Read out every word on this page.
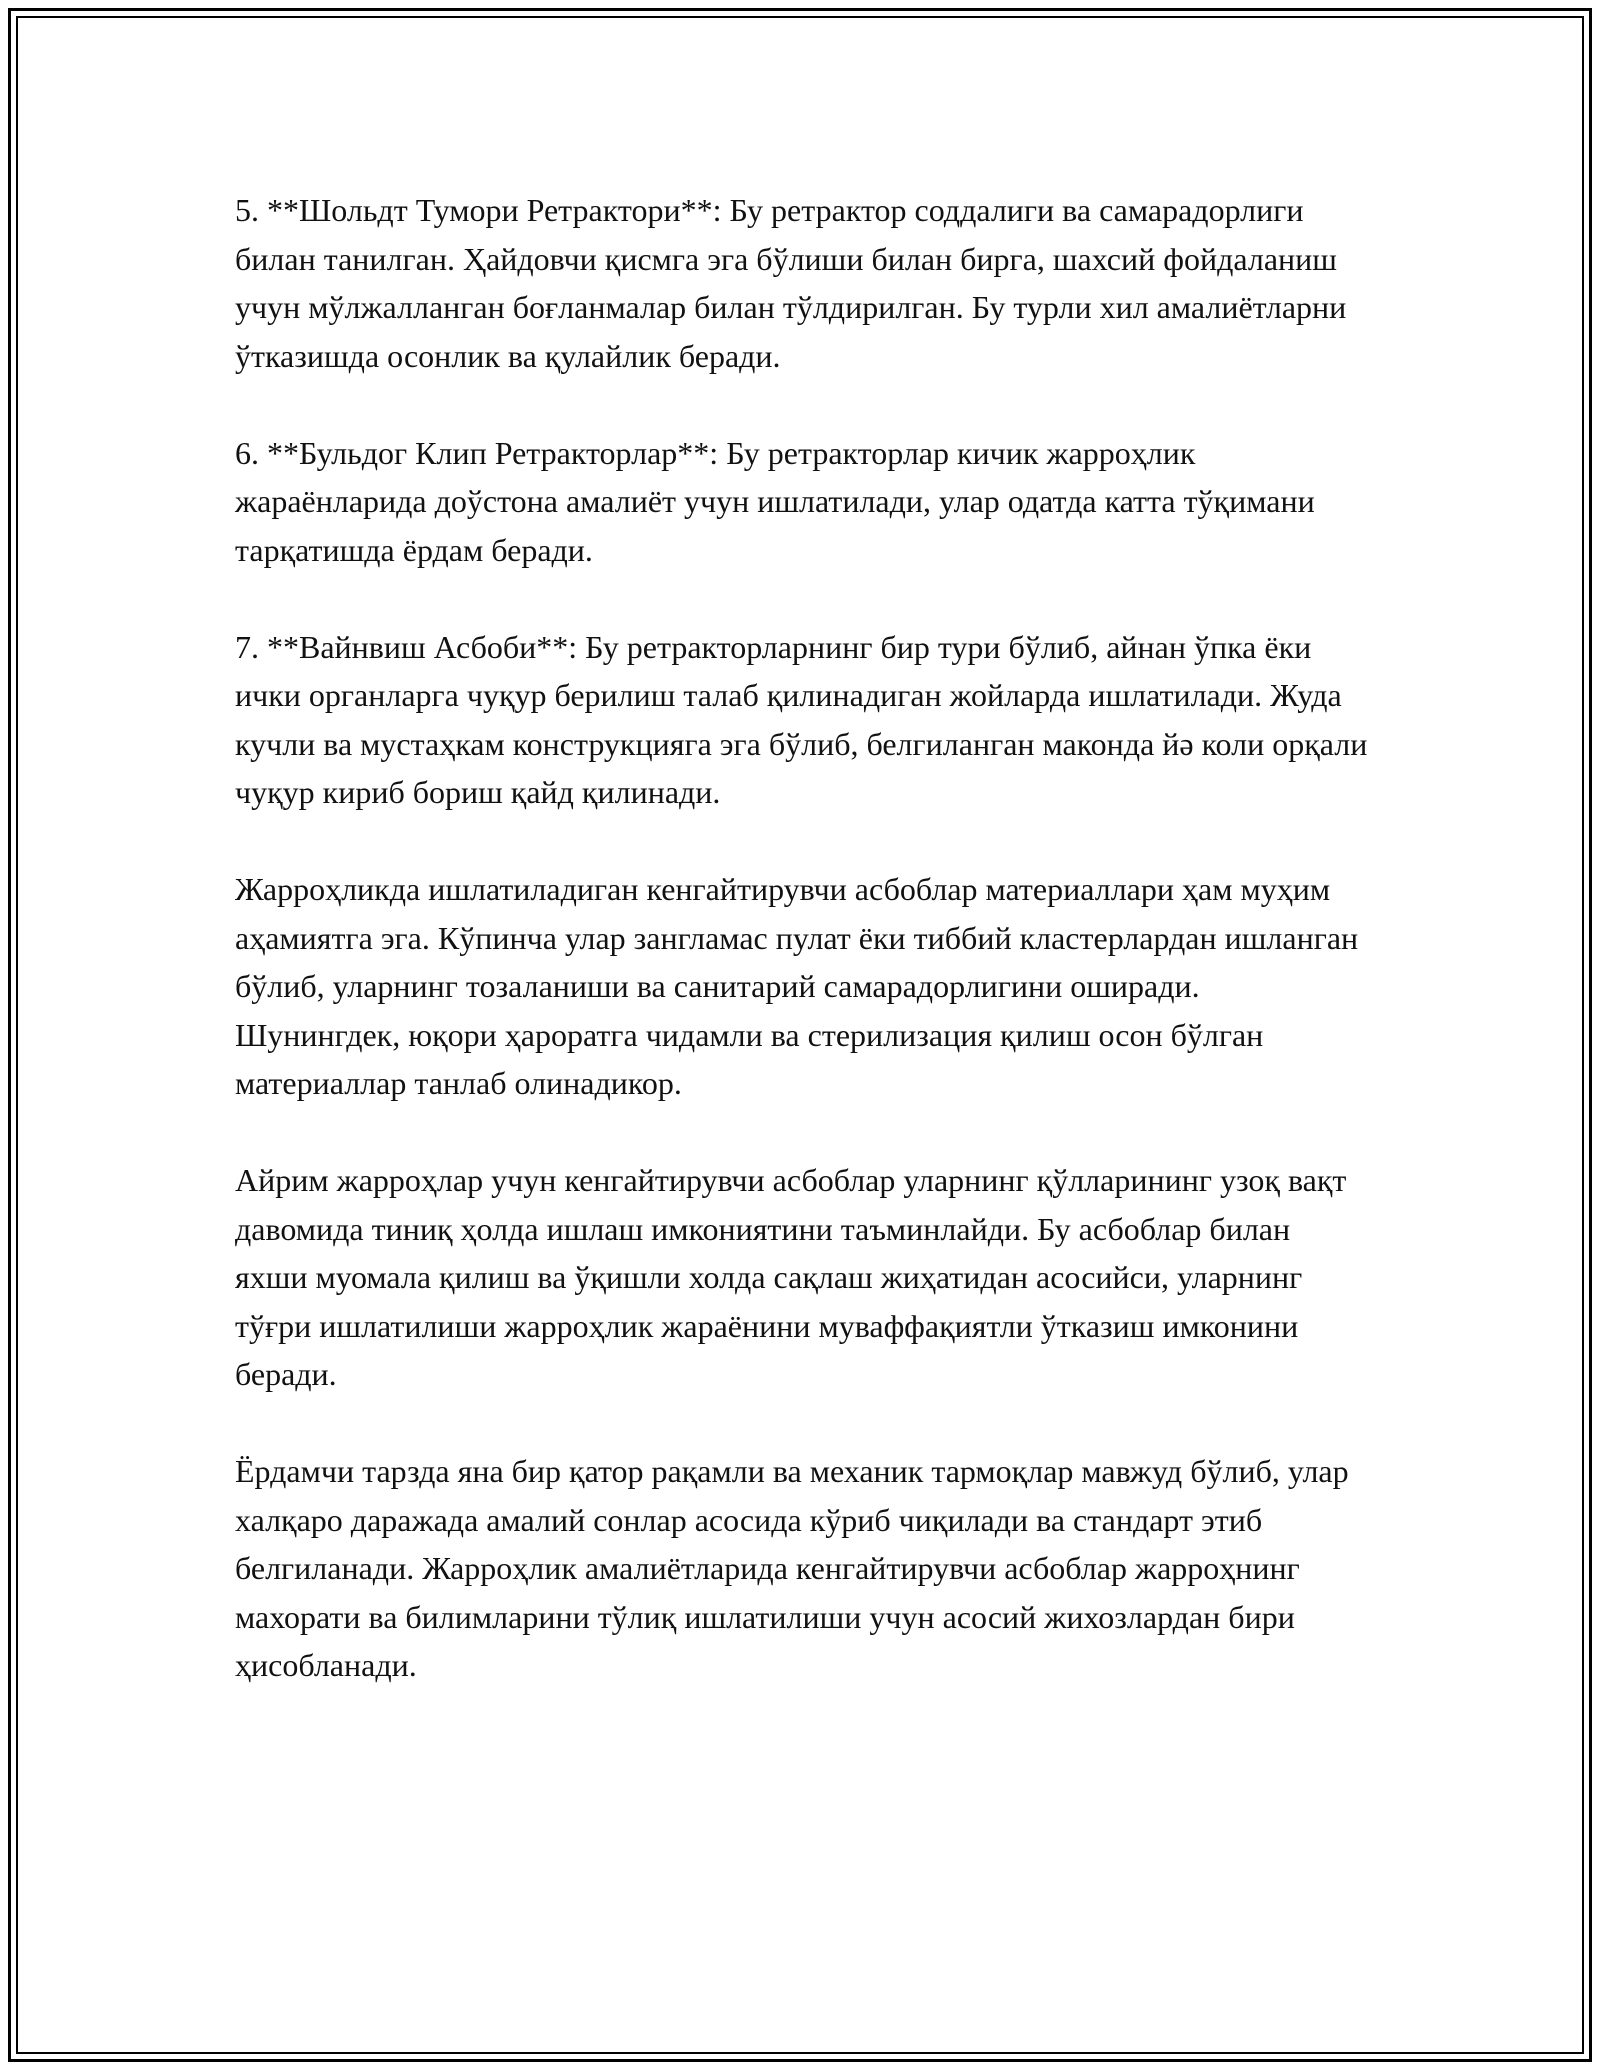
5. **Шольдт Тумори Ретрактори**: Бу ретрактор соддалиги ва самарадорлиги билан танилган. Ҳайдовчи қисмга эга бўлиши билан бирга, шахсий фойдаланиш учун мўлжалланган боғланмалар билан тўлдирилган. Бу турли хил амалиётларни ўтказишда осонлик ва қулайлик беради.

6. **Бульдог Клип Ретракторлар**: Бу ретракторлар кичик жарроҳлик жараёнларида доўстона амалиёт учун ишлатилади, улар одатда катта тўқимани тарқатишда ёрдам беради.

7. **Вайнвиш Асбоби**: Бу ретракторларнинг бир тури бўлиб, айнан ўпка ёки ички органларга чуқур берилиш талаб қилинадиган жойларда ишлатилади. Жуда кучли ва мустаҳкам конструкцияга эга бўлиб, белгиланган маконда йә коли орқали чуқур кириб бориш қайд қилинади.

Жарроҳликда ишлатиладиган кенгайтирувчи асбоблар материаллари ҳам муҳим аҳамиятга эга. Кўпинча улар зангламас пулат ёки тиббий кластерлардан ишланган бўлиб, уларнинг тозаланиши ва санитарий самарадорлигини оширади. Шунингдек, юқори ҳароратга чидамли ва стерилизация қилиш осон бўлган материаллар танлаб олинадикор.

Айрим жарроҳлар учун кенгайтирувчи асбоблар уларнинг қўлларининг узоқ вақт давомида тиниқ ҳолда ишлаш имкониятини таъминлайди. Бу асбоблар билан яхши муомала қилиш ва ўқишли холда сақлаш жиҳатидан асосийси, уларнинг тўғри ишлатилиши жарроҳлик жараёнини муваффақиятли ўтказиш имконини беради.

Ёрдамчи тарзда яна бир қатор рақамли ва механик тармоқлар мавжуд бўлиб, улар халқаро даражада амалий сонлар асосида кўриб чиқилади ва стандарт этиб белгиланади. Жарроҳлик амалиётларида кенгайтирувчи асбоблар жарроҳнинг махорати ва билимларини тўлиқ ишлатилиши учун асосий жихозлардан бири ҳисобланади.
